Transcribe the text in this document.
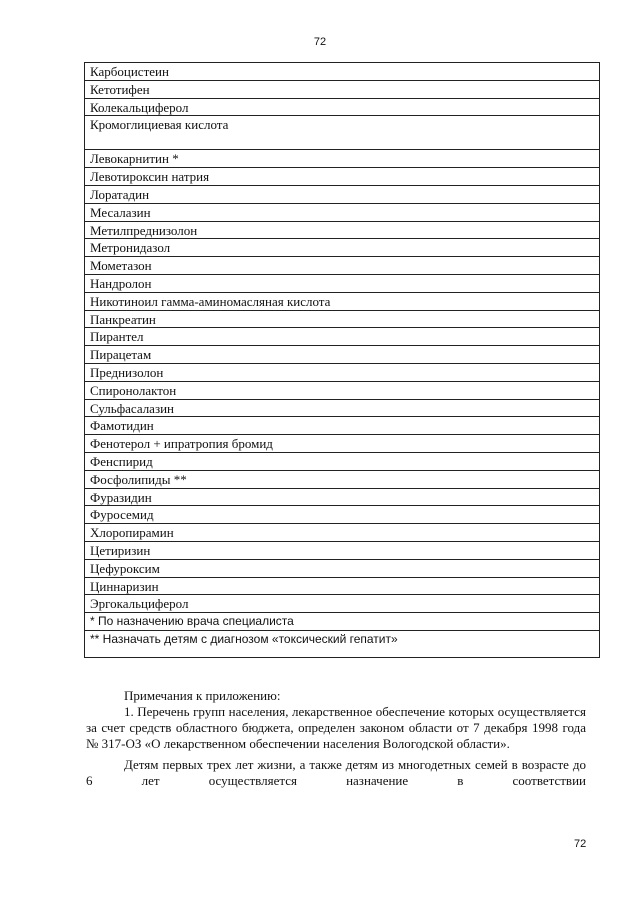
72
Карбоцистеин
Кетотифен
Колекальциферол
Кромоглициевая кислота
Левокарнитин *
Левотироксин натрия
Лоратадин
Месалазин
Метилпреднизолон
Метронидазол
Мометазон
Нандролон
Никотиноил гамма-аминомасляная кислота
Панкреатин
Пирантел
Пирацетам
Преднизолон
Спиронолактон
Сульфасалазин
Фамотидин
Фенотерол + ипратропия бромид
Фенспирид
Фосфолипиды **
Фуразидин
Фуросемид
Хлоропирамин
Цетиризин
Цефуроксим
Циннаризин
Эргокальциферол
* По назначению врача специалиста
** Назначать детям с диагнозом «токсический гепатит»

Примечания к приложению:

1. Перечень групп населения, лекарственное обеспечение которых осуществляется за счет средств областного бюджета, определен законом области от 7 декабря 1998 года № 317-ОЗ «О лекарственном обеспечении населения Вологодской области».

Детям первых трех лет жизни, а также детям из многодетных семей в возрасте до 6 лет осуществляется назначение в соответствии

72
